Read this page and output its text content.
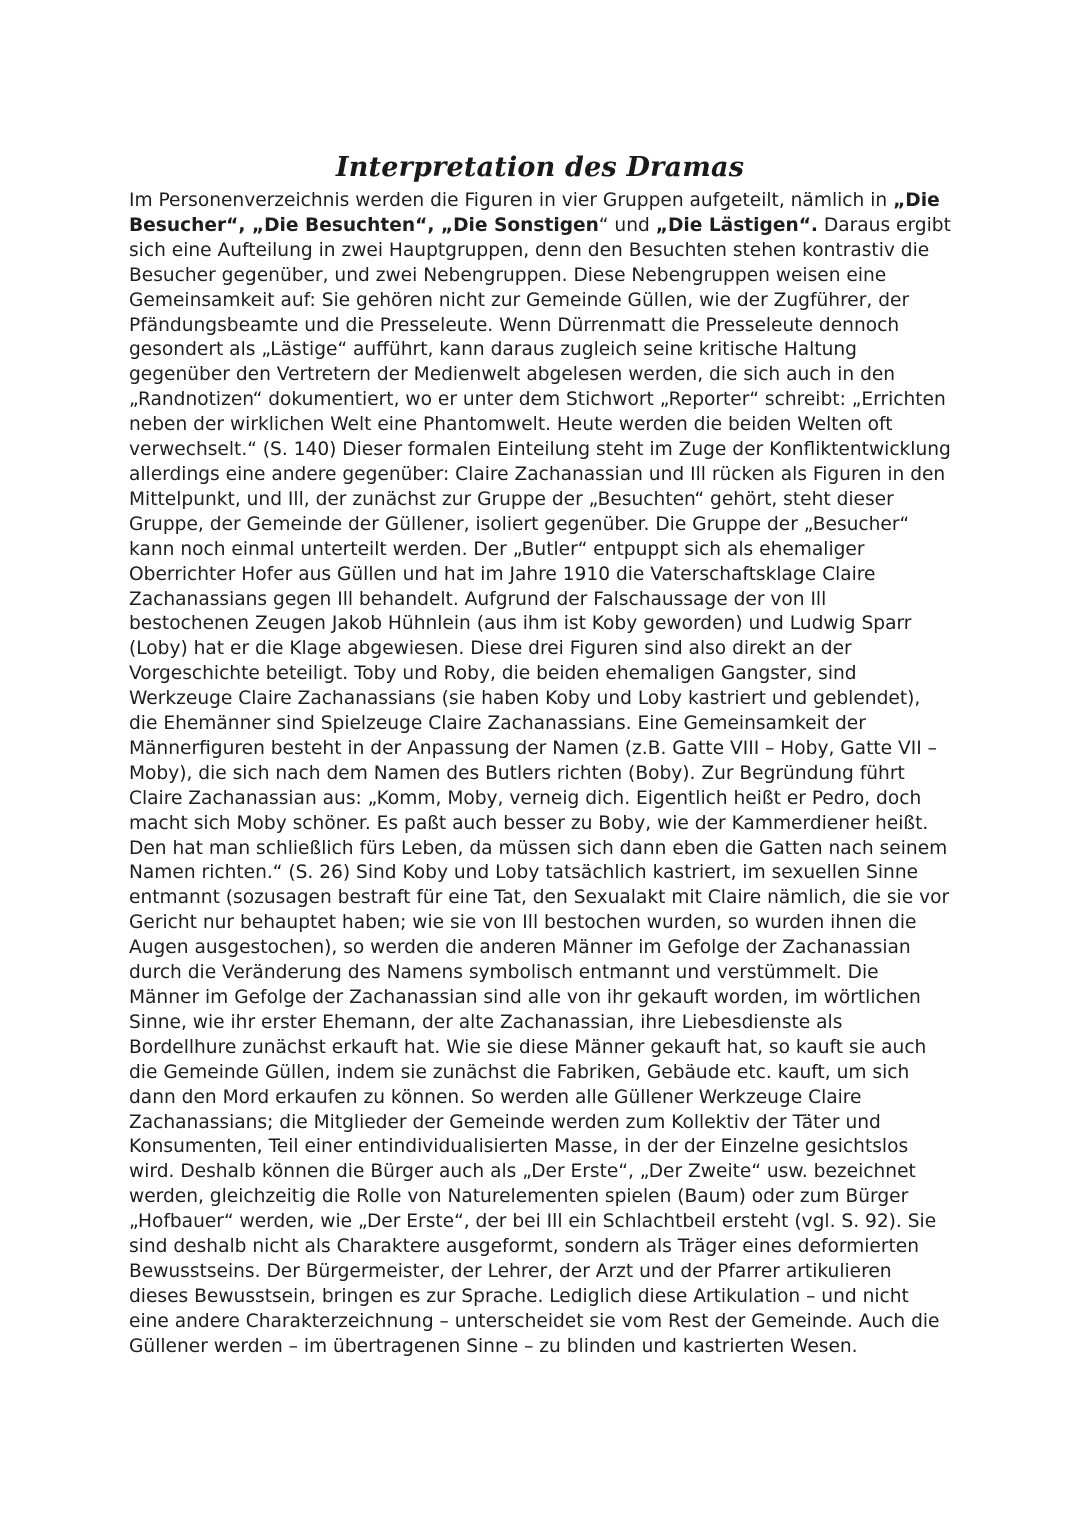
Interpretation des Dramas

Im Personenverzeichnis werden die Figuren in vier Gruppen aufgeteilt, nämlich in „Die Besucher“, „Die Besuchten“, „Die Sonstigen“ und „Die Lästigen“. Daraus ergibt sich eine Aufteilung in zwei Hauptgruppen, denn den Besuchten stehen kontrastiv die Besucher gegenüber, und zwei Nebengruppen. Diese Nebengruppen weisen eine Gemeinsamkeit auf: Sie gehören nicht zur Gemeinde Güllen, wie der Zugführer, der Pfändungsbeamte und die Presseleute. Wenn Dürrenmatt die Presseleute dennoch gesondert als „Lästige“ aufführt, kann daraus zugleich seine kritische Haltung gegenüber den Vertretern der Medienwelt abgelesen werden, die sich auch in den „Randnotizen“ dokumentiert, wo er unter dem Stichwort „Reporter“ schreibt: „Errichten neben der wirklichen Welt eine Phantomwelt. Heute werden die beiden Welten oft verwechselt.“ (S. 140) Dieser formalen Einteilung steht im Zuge der Konfliktentwicklung allerdings eine andere gegenüber: Claire Zachanassian und Ill rücken als Figuren in den Mittelpunkt, und Ill, der zunächst zur Gruppe der „Besuchten“ gehört, steht dieser Gruppe, der Gemeinde der Güllener, isoliert gegenüber. Die Gruppe der „Besucher“ kann noch einmal unterteilt werden. Der „Butler“ entpuppt sich als ehemaliger Oberrichter Hofer aus Güllen und hat im Jahre 1910 die Vaterschaftsklage Claire Zachanassians gegen Ill behandelt. Aufgrund der Falschaussage der von Ill bestochenen Zeugen Jakob Hühnlein (aus ihm ist Koby geworden) und Ludwig Sparr (Loby) hat er die Klage abgewiesen. Diese drei Figuren sind also direkt an der Vorgeschichte beteiligt. Toby und Roby, die beiden ehemaligen Gangster, sind Werkzeuge Claire Zachanassians (sie haben Koby und Loby kastriert und geblendet), die Ehemänner sind Spielzeuge Claire Zachanassians. Eine Gemeinsamkeit der Männerfiguren besteht in der Anpassung der Namen (z.B. Gatte VIII – Hoby, Gatte VII – Moby), die sich nach dem Namen des Butlers richten (Boby). Zur Begründung führt Claire Zachanassian aus: „Komm, Moby, verneig dich. Eigentlich heißt er Pedro, doch macht sich Moby schöner. Es paßt auch besser zu Boby, wie der Kammerdiener heißt. Den hat man schließlich fürs Leben, da müssen sich dann eben die Gatten nach seinem Namen richten.“ (S. 26) Sind Koby und Loby tatsächlich kastriert, im sexuellen Sinne entmannt (sozusagen bestraft für eine Tat, den Sexualakt mit Claire nämlich, die sie vor Gericht nur behauptet haben; wie sie von Ill bestochen wurden, so wurden ihnen die Augen ausgestochen), so werden die anderen Männer im Gefolge der Zachanassian durch die Veränderung des Namens symbolisch entmannt und verstümmelt. Die Männer im Gefolge der Zachanassian sind alle von ihr gekauft worden, im wörtlichen Sinne, wie ihr erster Ehemann, der alte Zachanassian, ihre Liebesdienste als Bordellhure zunächst erkauft hat. Wie sie diese Männer gekauft hat, so kauft sie auch die Gemeinde Güllen, indem sie zunächst die Fabriken, Gebäude etc. kauft, um sich dann den Mord erkaufen zu können. So werden alle Güllener Werkzeuge Claire Zachanassians; die Mitglieder der Gemeinde werden zum Kollektiv der Täter und Konsumenten, Teil einer entindividualisierten Masse, in der der Einzelne gesichtslos wird. Deshalb können die Bürger auch als „Der Erste“, „Der Zweite“ usw. bezeichnet werden, gleichzeitig die Rolle von Naturelementen spielen (Baum) oder zum Bürger „Hofbauer“ werden, wie „Der Erste“, der bei Ill ein Schlachtbeil ersteht (vgl. S. 92). Sie sind deshalb nicht als Charaktere ausgeformt, sondern als Träger eines deformierten Bewusstseins. Der Bürgermeister, der Lehrer, der Arzt und der Pfarrer artikulieren dieses Bewusstsein, bringen es zur Sprache. Lediglich diese Artikulation – und nicht eine andere Charakterzeichnung – unterscheidet sie vom Rest der Gemeinde. Auch die Güllener werden – im übertragenen Sinne – zu blinden und kastrierten Wesen.
